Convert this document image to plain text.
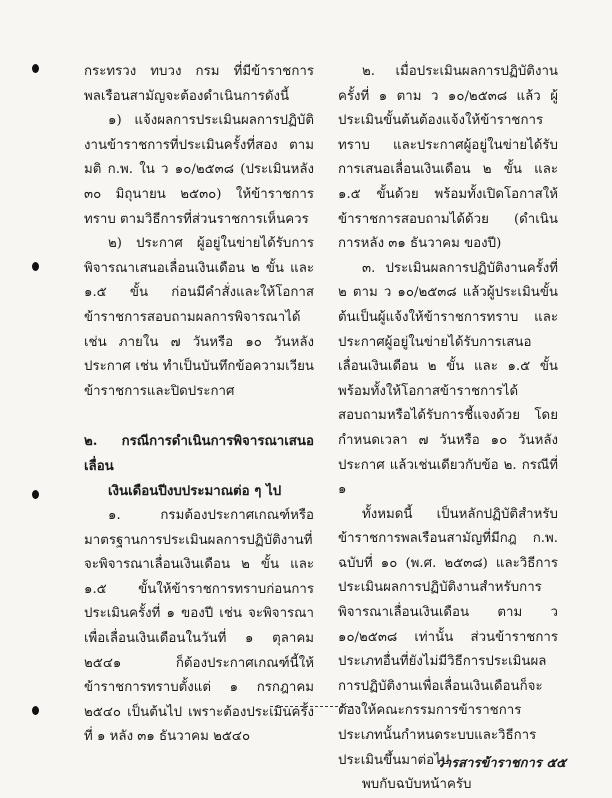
กระทรวง ทบวง กรม ที่มีข้าราชการพลเรือนสามัญจะต้องดำเนินการดังนี้

๑) แจ้งผลการประเมินผลการปฏิบัติงานข้าราชการที่ประเมินครั้งที่สอง ตามมติ ก.พ. ใน ว ๑๐/๒๕๓๘ (ประเมินหลัง ๓๐ มิถุนายน ๒๕๓๐) ให้ข้าราชการทราบ ตามวิธีการที่ส่วนราชการเห็นควร

๒) ประกาศ ผู้อยู่ในข่ายได้รับการพิจารณาเสนอเลื่อนเงินเดือน ๒ ขั้น และ ๑.๕ ขั้น ก่อนมีคำสั่งและให้โอกาสข้าราชการสอบถามผลการพิจารณาได้ เช่น ภายใน ๗ วันหรือ ๑๐ วันหลังประกาศ เช่น ทำเป็นบันทึกข้อความเวียนข้าราชการและปิดประกาศ

๒. กรณีการดำเนินการพิจารณาเสนอเลื่อน

เงินเดือนปีงบประมาณต่อ ๆ ไป

๑. กรมต้องประกาศเกณฑ์หรือมาตรฐานการประเมินผลการปฏิบัติงานที่จะพิจารณาเลื่อนเงินเดือน ๒ ขั้น และ ๑.๕ ขั้นให้ข้าราชการทราบก่อนการประเมินครั้งที่ ๑ ของปี เช่น จะพิจารณาเพื่อเลื่อนเงินเดือนในวันที่ ๑ ตุลาคม ๒๕๔๑ ก็ต้องประกาศเกณฑ์นี้ให้ข้าราชการทราบตั้งแต่ ๑ กรกฎาคม ๒๕๔๐ เป็นต้นไป เพราะต้องประเมินครั้งที่ ๑ หลัง ๓๑ ธันวาคม ๒๕๔๐

๒. เมื่อประเมินผลการปฏิบัติงานครั้งที่ ๑ ตาม ว ๑๐/๒๕๓๘ แล้ว ผู้ประเมินขั้นต้นต้องแจ้งให้ข้าราชการทราบ และประกาศผู้อยู่ในข่ายได้รับการเสนอเลื่อนเงินเดือน ๒ ขั้น และ ๑.๕ ขั้นด้วย พร้อมทั้งเปิดโอกาสให้ข้าราชการสอบถามได้ด้วย (ดำเนินการหลัง ๓๑ ธันวาคม ของปี)

๓. ประเมินผลการปฏิบัติงานครั้งที่ ๒ ตาม ว ๑๐/๒๕๓๘ แล้วผู้ประเมินขั้นต้นเป็นผู้แจ้งให้ข้าราชการทราบ และประกาศผู้อยู่ในข่ายได้รับการเสนอเลื่อนเงินเดือน ๒ ขั้น และ ๑.๕ ขั้น พร้อมทั้งให้โอกาสข้าราชการได้สอบถามหรือได้รับการชี้แจงด้วย โดยกำหนดเวลา ๗ วันหรือ ๑๐ วันหลังประกาศ แล้วเช่นเดียวกับข้อ ๒. กรณีที่ ๑

ทั้งหมดนี้ เป็นหลักปฏิบัติสำหรับข้าราชการพลเรือนสามัญที่มีกฎ ก.พ. ฉบับที่ ๑๐ (พ.ศ. ๒๕๓๘) และวิธีการประเมินผลการปฏิบัติงานสำหรับการพิจารณาเลื่อนเงินเดือน ตาม ว ๑๐/๒๕๓๘ เท่านั้น ส่วนข้าราชการประเภทอื่นที่ยังไม่มีวิธีการประเมินผลการปฏิบัติงานเพื่อเลื่อนเงินเดือนก็จะต้องให้คณะกรรมการข้าราชการประเภทนั้นกำหนดระบบและวิธีการประเมินขึ้นมาต่อไป

พบกับฉบับหน้าครับ

วารสารข้าราชการ ๕๕
